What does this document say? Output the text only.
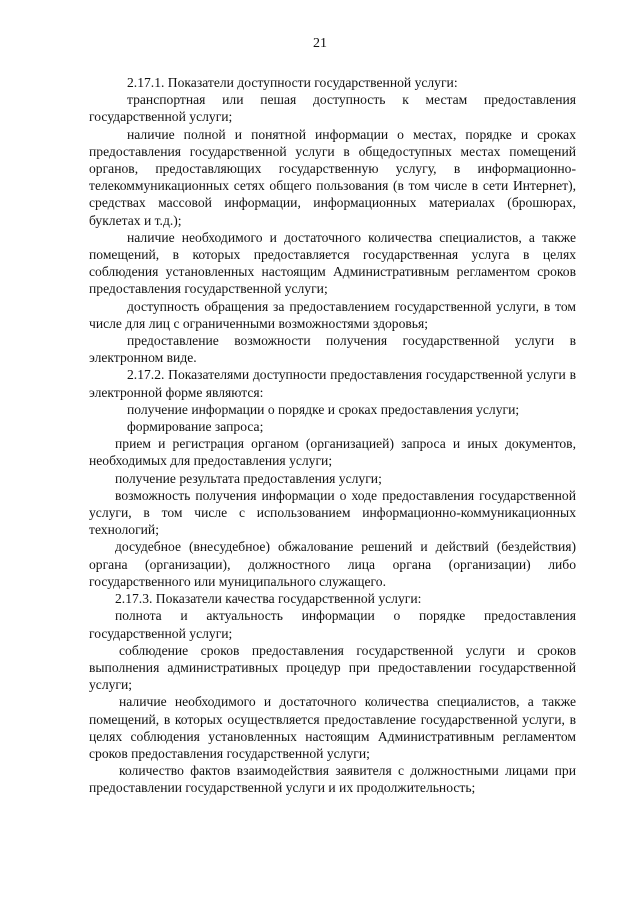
21

2.17.1. Показатели доступности государственной услуги:

транспортная или пешая доступность к местам предоставления государственной услуги;

наличие полной и понятной информации о местах, порядке и сроках предоставления государственной услуги в общедоступных местах помещений органов, предоставляющих государственную услугу, в информационно-телекоммуникационных сетях общего пользования (в том числе в сети Интернет), средствах массовой информации, информационных материалах (брошюрах, буклетах и т.д.);

наличие необходимого и достаточного количества специалистов, а также помещений, в которых предоставляется государственная услуга в целях соблюдения установленных настоящим Административным регламентом сроков предоставления государственной услуги;

доступность обращения за предоставлением государственной услуги, в том числе для лиц с ограниченными возможностями здоровья;

предоставление возможности получения государственной услуги в электронном виде.

2.17.2. Показателями доступности предоставления государственной услуги в электронной форме являются:

получение информации о порядке и сроках предоставления услуги;

формирование запроса;

прием и регистрация органом (организацией) запроса и иных документов, необходимых для предоставления услуги;

получение результата предоставления услуги;

возможность получения информации о ходе предоставления государственной услуги, в том числе с использованием информационно-коммуникационных технологий;

досудебное (внесудебное) обжалование решений и действий (бездействия) органа (организации), должностного лица органа (организации) либо государственного или муниципального служащего.

2.17.3. Показатели качества государственной услуги:

полнота и актуальность информации о порядке предоставления государственной услуги;

соблюдение сроков предоставления государственной услуги и сроков выполнения административных процедур при предоставлении государственной услуги;

наличие необходимого и достаточного количества специалистов, а также помещений, в которых осуществляется предоставление государственной услуги, в целях соблюдения установленных настоящим Административным регламентом сроков предоставления государственной услуги;

количество фактов взаимодействия заявителя с должностными лицами при предоставлении государственной услуги и их продолжительность;
